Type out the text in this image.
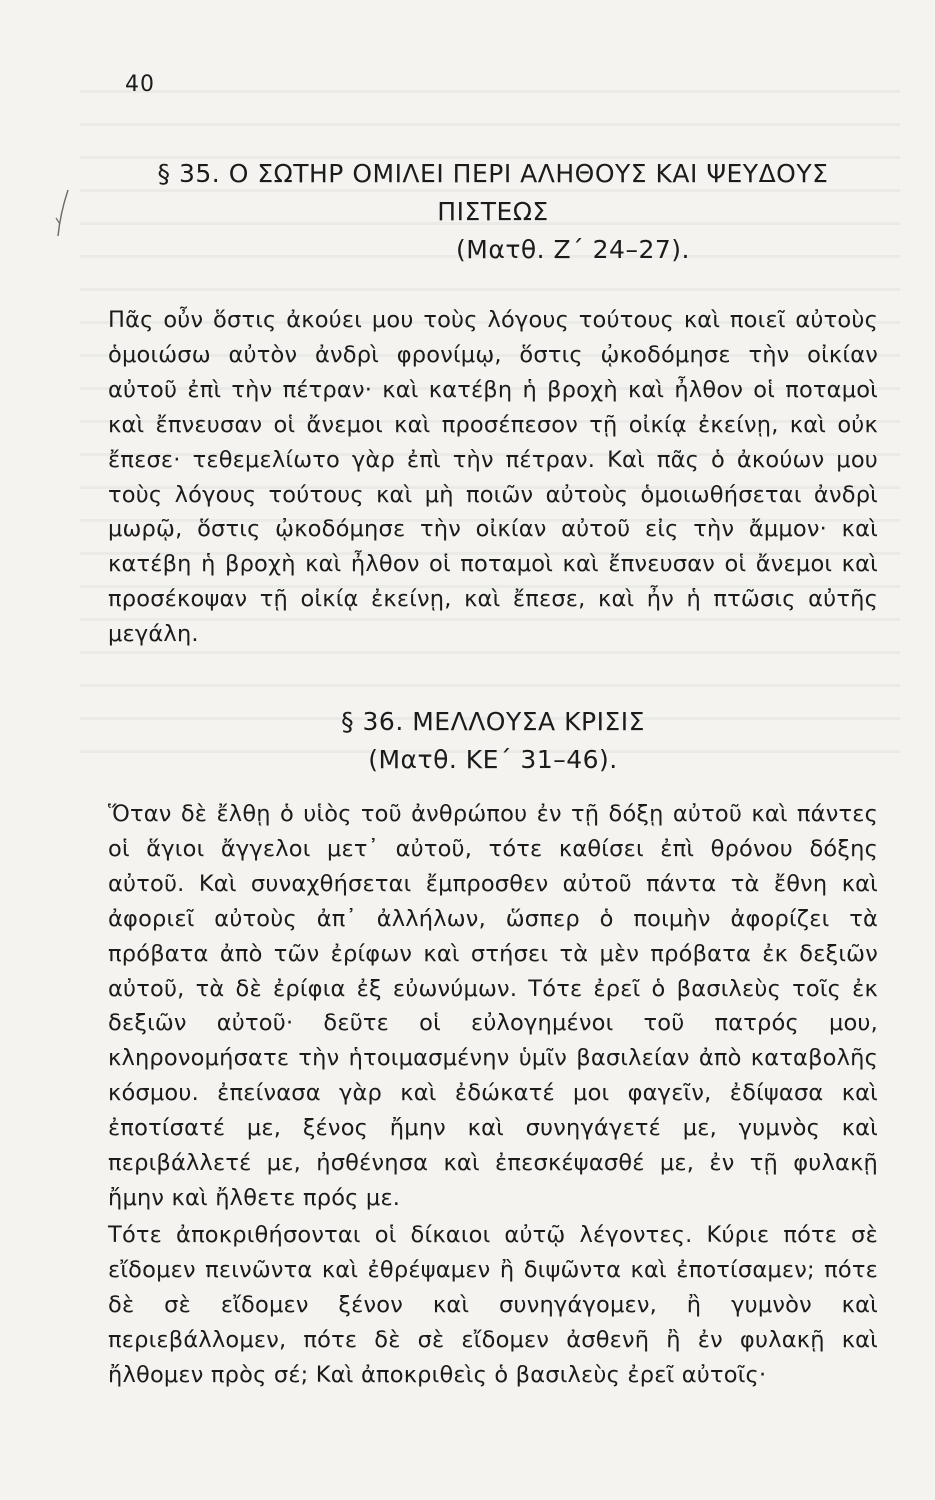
40
§ 35. Ο ΣΩΤΗΡ ΟΜΙΛΕΙ ΠΕΡΙ ΑΛΗΘΟΥΣ ΚΑΙ ΨΕΥΔΟΥΣ
ΠΙΣΤΕΩΣ
(Ματθ. Ζ΄ 24–27).

Πᾶς οὖν ὅστις ἀκούει μου τοὺς λόγους τούτους καὶ ποιεῖ αὐτοὺς ὁμοιώσω αὐτὸν ἀνδρὶ φρονίμῳ, ὅστις ᾠκοδόμησε τὴν οἰκίαν αὐτοῦ ἐπὶ τὴν πέτραν· καὶ κατέβη ἡ βροχὴ καὶ ἦλθον οἱ ποταμοὶ καὶ ἔπνευσαν οἱ ἄνεμοι καὶ προσέπεσον τῇ οἰκίᾳ ἐκείνῃ, καὶ οὐκ ἔπεσε· τεθεμελίωτο γὰρ ἐπὶ τὴν πέτραν. Καὶ πᾶς ὁ ἀκούων μου τοὺς λόγους τούτους καὶ μὴ ποιῶν αὐτοὺς ὁμοιωθήσεται ἀνδρὶ μωρῷ, ὅστις ᾠκοδόμησε τὴν οἰκίαν αὐτοῦ εἰς τὴν ἄμμον· καὶ κατέβη ἡ βροχὴ καὶ ἦλθον οἱ ποταμοὶ καὶ ἔπνευσαν οἱ ἄνεμοι καὶ προσέκοψαν τῇ οἰκίᾳ ἐκείνῃ, καὶ ἔπεσε, καὶ ἦν ἡ πτῶσις αὐτῆς μεγάλη.

§ 36. ΜΕΛΛΟΥΣΑ ΚΡΙΣΙΣ
(Ματθ. ΚΕ΄ 31–46).

Ὅταν δὲ ἔλθῃ ὁ υἱὸς τοῦ ἀνθρώπου ἐν τῇ δόξῃ αὐτοῦ καὶ πάντες οἱ ἅγιοι ἄγγελοι μετ᾿ αὐτοῦ, τότε καθίσει ἐπὶ θρόνου δόξης αὐτοῦ. Καὶ συναχθήσεται ἔμπροσθεν αὐτοῦ πάντα τὰ ἔθνη καὶ ἀφοριεῖ αὐτοὺς ἀπ᾿ ἀλλήλων, ὥσπερ ὁ ποιμὴν ἀφορίζει τὰ πρόβατα ἀπὸ τῶν ἐρίφων καὶ στήσει τὰ μὲν πρόβατα ἐκ δεξιῶν αὐτοῦ, τὰ δὲ ἐρίφια ἐξ εὐωνύμων. Τότε ἐρεῖ ὁ βασιλεὺς τοῖς ἐκ δεξιῶν αὐτοῦ· δεῦτε οἱ εὐλογημένοι τοῦ πατρός μου, κληρονομήσατε τὴν ἡτοιμασμένην ὑμῖν βασιλείαν ἀπὸ καταβολῆς κόσμου. ἐπείνασα γὰρ καὶ ἐδώκατέ μοι φαγεῖν, ἐδίψασα καὶ ἐποτίσατέ με, ξένος ἤμην καὶ συνηγάγετέ με, γυμνὸς καὶ περιβάλλετέ με, ἠσθένησα καὶ ἐπεσκέψασθέ με, ἐν τῇ φυλακῇ ἤμην καὶ ἤλθετε πρός με.

Τότε ἀποκριθήσονται οἱ δίκαιοι αὐτῷ λέγοντες. Κύριε πότε σὲ εἴδομεν πεινῶντα καὶ ἐθρέψαμεν ἢ διψῶντα καὶ ἐποτίσαμεν; πότε δὲ σὲ εἴδομεν ξένον καὶ συνηγάγομεν, ἢ γυμνὸν καὶ περιεβάλλομεν, πότε δὲ σὲ εἴδομεν ἀσθενῆ ἢ ἐν φυλακῇ καὶ ἤλθομεν πρὸς σέ; Καὶ ἀποκριθεὶς ὁ βασιλεὺς ἐρεῖ αὐτοῖς·
